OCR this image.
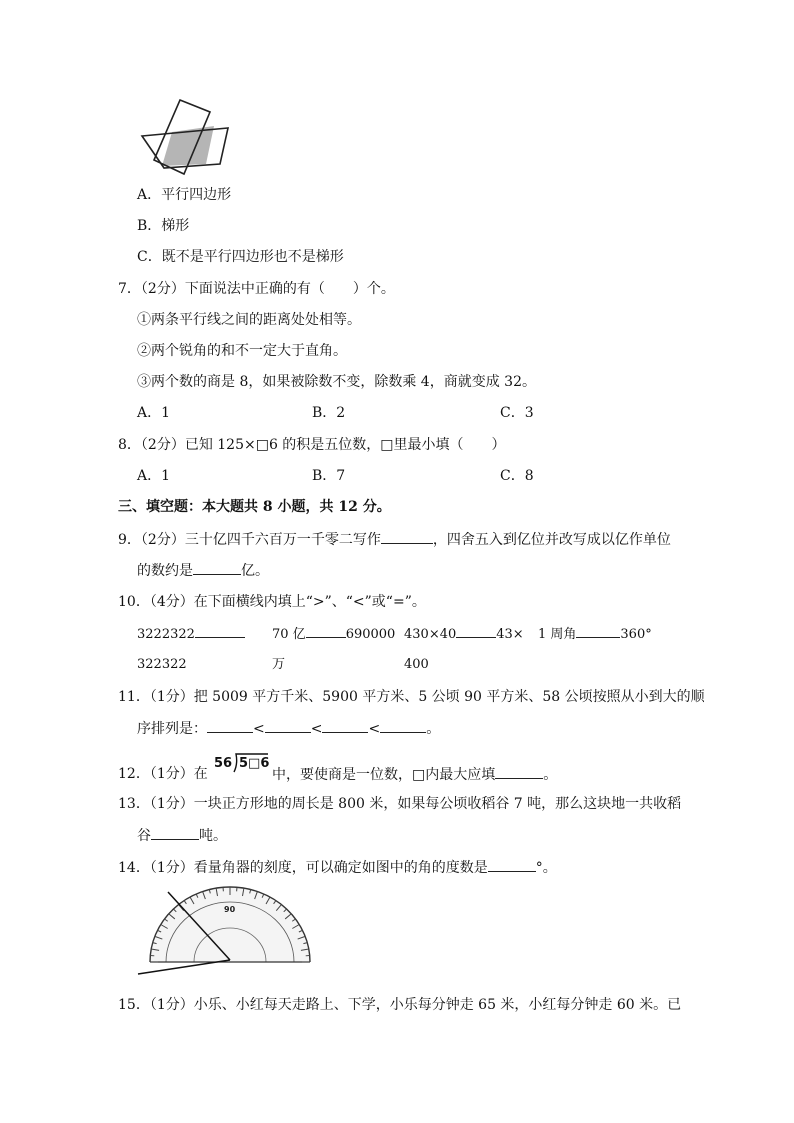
A．平行四边形
B．梯形
C．既不是平行四边形也不是梯形
7．（2分）下面说法中正确的有（　　）个。
①两条平行线之间的距离处处相等。
②两个锐角的和不一定大于直角。
③两个数的商是 8，如果被除数不变，除数乘 4，商就变成 32。
A．1	B．2	C．3
8．（2分）已知 125×□6 的积是五位数，□里最小填（　　）
A．1	B．7	C．8
三、填空题：本大题共 8 小题，共 12 分。
9．（2分）三十亿四千六百万一千零二写作	，四舍五入到亿位并改写成以亿作单位
的数约是	亿。
10．（4分）在下面横线内填上“>”、“<”或“=”。
3222322
322322
70 亿	690000
万
430×40	43×
400
1 周角	360°
11．（1分）把 5009 平方千米、5900 平方米、5 公顷 90 平方米、58 公顷按照从小到大的顺
序排列是：	<	<	<	。
12．（1分）在
56 5□6
中，要使商是一位数，□内最大应填	。
13．（1分）一块正方形地的周长是 800 米，如果每公顷收稻谷 7 吨，那么这块地一共收稻
谷	吨。
14．（1分）看量角器的刻度，可以确定如图中的角的度数是	°。
90
15．（1分）小乐、小红每天走路上、下学，小乐每分钟走 65 米，小红每分钟走 60 米。已
